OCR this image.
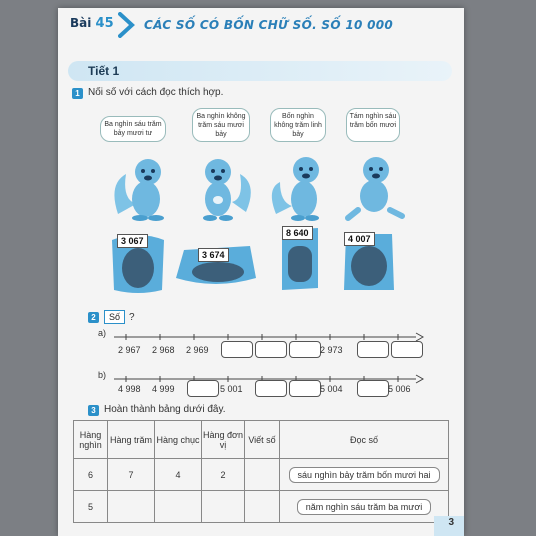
Bài 45	CÁC SỐ CÓ BỐN CHỮ SỐ. SỐ 10 000
Tiết 1
1 Nối số với cách đọc thích hợp.
Ba nghìn sáu trăm bảy mươi tư
Ba nghìn không trăm sáu mươi bảy
Bốn nghìn không trăm linh bảy
Tám nghìn sáu trăm bốn mươi
3 067
3 674
8 640
4 007
2	Số ?
a)
2 967 2 968 2 969	2 973
b)
4 998 4 999	5 001	5 004	5 006
3 Hoàn thành bảng dưới đây.
Hàng nghìn	Hàng trăm	Hàng chục	Hàng đơn vị	Viết số	Đọc số
6	7	4	2		sáu nghìn bảy trăm bốn mươi hai
5					năm nghìn sáu trăm ba mươi
3
